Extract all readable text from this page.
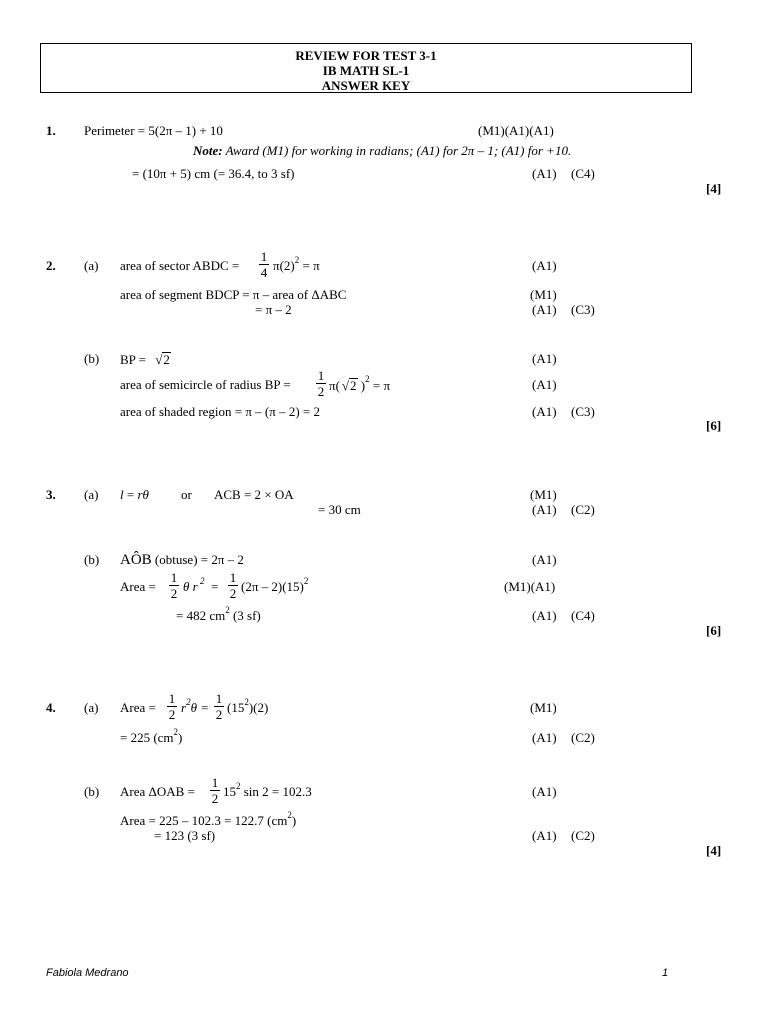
REVIEW FOR TEST 3-1
IB MATH SL-1
ANSWER KEY
1. Perimeter = 5(2π – 1) + 10	(M1)(A1)(A1)
Note: Award (M1) for working in radians; (A1) for 2π – 1; (A1) for +10.
= (10π + 5) cm (= 36.4, to 3 sf)	(A1) (C4)
[4]
2. (a) area of sector ABDC =
1
4 $\pi(2)^2 = \pi$	(A1)
area of segment BDCP = π – area of ΔABC	(M1)
= π – 2	(A1) (C3)
(b) BP = √2	(A1)
area of semicircle of radius BP =
1
2 π( √2 )$^2$ = π	(A1)
area of shaded region = π – (π – 2) = 2	(A1) (C3)
[6]
3. (a) l = rθ or ACB = 2 × OA	(M1)
= 30 cm	(A1) (C2)
(b) AÔB (obtuse) = 2π – 2	(A1)
Area =
1
2 θ r $^2$ =
1
2 $(2\pi - 2)(15)^2$	(M1)(A1)
= 482 $cm^2$ (3 sf)	(A1) (C4)
[6]
4. (a) Area =
1
2 $r^2\theta$ =
1
2 $(15^2)(2)$	(M1)
= 225 $(cm^2)$	(A1) (C2)
(b) Area ΔOAB =
1
2 $15^2$ sin 2 = 102.3	(A1)
Area = 225 – 102.3 = 122.7 $(cm^2)$
= 123 (3 sf)	(A1) (C2)
[4]
Fabiola Medrano	1
